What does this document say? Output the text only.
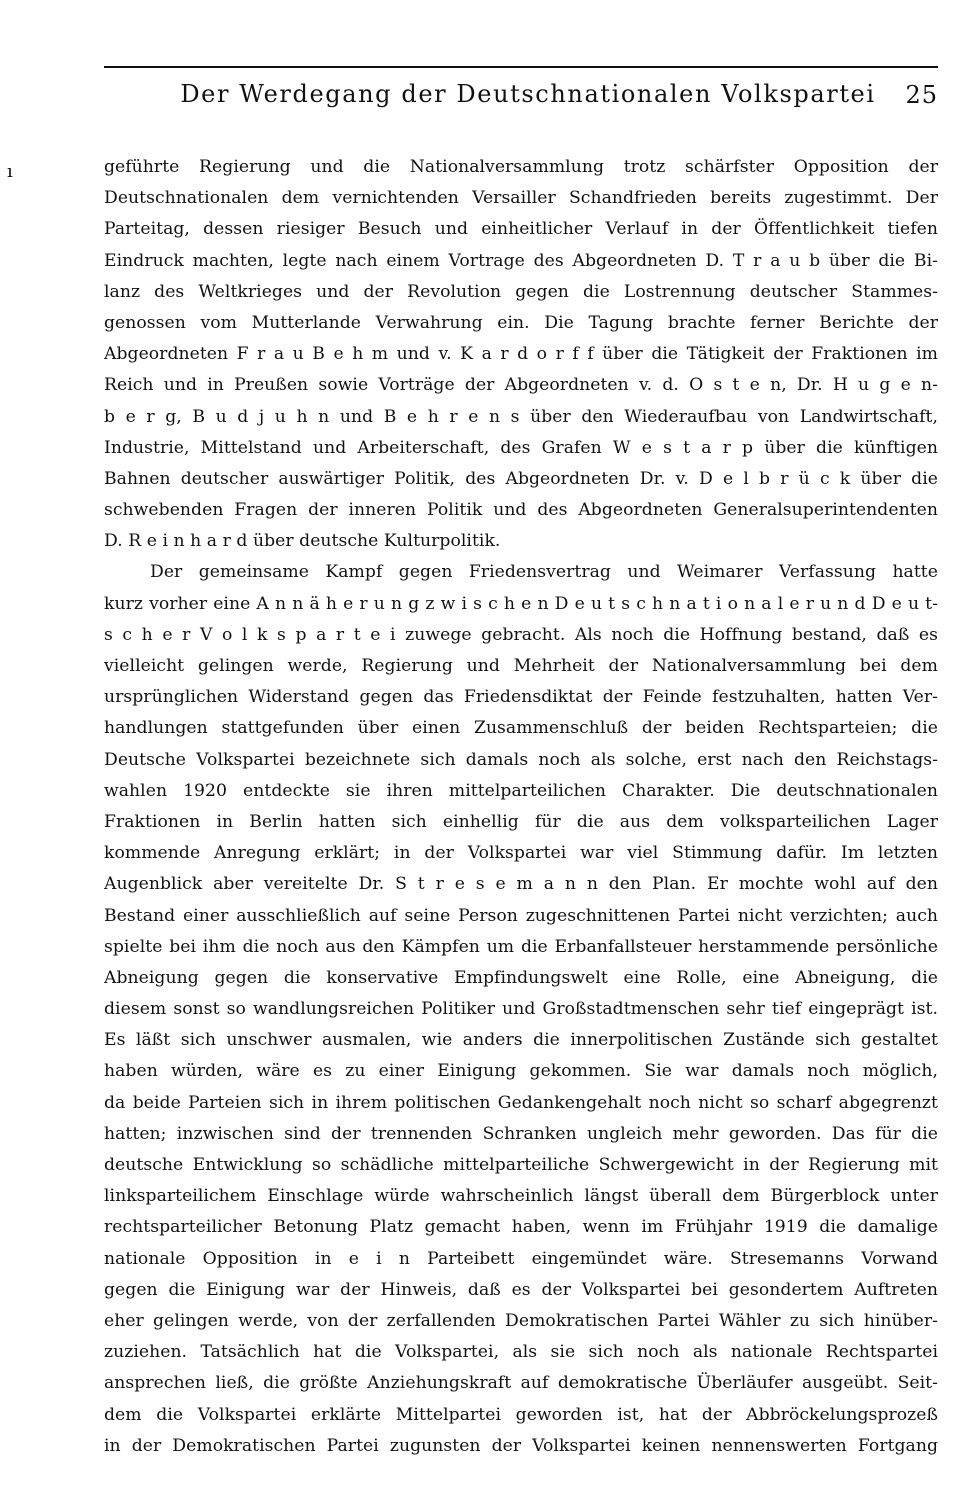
Der Werdegang der Deutschnationalen Volkspartei	25
ı	geführte Regierung und die Nationalversammlung trotz schärfster Opposition der
Deutschnationalen dem vernichtenden Versailler Schandfrieden bereits zugestimmt. Der
Parteitag, dessen riesiger Besuch und einheitlicher Verlauf in der Öffentlichkeit tiefen
Eindruck machten, legte nach einem Vortrage des Abgeordneten D. T r a u b über die Bi-
lanz des Weltkrieges und der Revolution gegen die Lostrennung deutscher Stammes-
genossen vom Mutterlande Verwahrung ein. Die Tagung brachte ferner Berichte der
Abgeordneten F r a u B e h m und v. K a r d o r f f über die Tätigkeit der Fraktionen im
Reich und in Preußen sowie Vorträge der Abgeordneten v. d. O s t e n, Dr. H u g e n-
b e r g, B u d j u h n und B e h r e n s über den Wiederaufbau von Landwirtschaft,
Industrie, Mittelstand und Arbeiterschaft, des Grafen W e s t a r p über die künftigen
Bahnen deutscher auswärtiger Politik, des Abgeordneten Dr. v. D e l b r ü c k über die
schwebenden Fragen der inneren Politik und des Abgeordneten Generalsuperintendenten
D. R e i n h a r d über deutsche Kulturpolitik.
Der gemeinsame Kampf gegen Friedensvertrag und Weimarer Verfassung hatte
kurz vorher eine A n n ä h e r u n g z w i s c h e n D e u t s c h n a t i o n a l e r u n d D e u t-
s c h e r V o l k s p a r t e i zuwege gebracht. Als noch die Hoffnung bestand, daß es
vielleicht gelingen werde, Regierung und Mehrheit der Nationalversammlung bei dem
ursprünglichen Widerstand gegen das Friedensdiktat der Feinde festzuhalten, hatten Ver-
handlungen stattgefunden über einen Zusammenschluß der beiden Rechtsparteien; die
Deutsche Volkspartei bezeichnete sich damals noch als solche, erst nach den Reichstags-
wahlen 1920 entdeckte sie ihren mittelparteilichen Charakter. Die deutschnationalen
Fraktionen in Berlin hatten sich einhellig für die aus dem volksparteilichen Lager
kommende Anregung erklärt; in der Volkspartei war viel Stimmung dafür. Im letzten
Augenblick aber vereitelte Dr. S t r e s e m a n n den Plan. Er mochte wohl auf den
Bestand einer ausschließlich auf seine Person zugeschnittenen Partei nicht verzichten; auch
spielte bei ihm die noch aus den Kämpfen um die Erbanfallsteuer herstammende persönliche
Abneigung gegen die konservative Empfindungswelt eine Rolle, eine Abneigung, die
diesem sonst so wandlungsreichen Politiker und Großstadtmenschen sehr tief eingeprägt ist.
Es läßt sich unschwer ausmalen, wie anders die innerpolitischen Zustände sich gestaltet
haben würden, wäre es zu einer Einigung gekommen. Sie war damals noch möglich,
da beide Parteien sich in ihrem politischen Gedankengehalt noch nicht so scharf abgegrenzt
hatten; inzwischen sind der trennenden Schranken ungleich mehr geworden. Das für die
deutsche Entwicklung so schädliche mittelparteiliche Schwergewicht in der Regierung mit
linksparteilichem Einschlage würde wahrscheinlich längst überall dem Bürgerblock unter
rechtsparteilicher Betonung Platz gemacht haben, wenn im Frühjahr 1919 die damalige
nationale Opposition in e i n Parteibett eingemündet wäre. Stresemanns Vorwand
gegen die Einigung war der Hinweis, daß es der Volkspartei bei gesondertem Auftreten
eher gelingen werde, von der zerfallenden Demokratischen Partei Wähler zu sich hinüber-
zuziehen. Tatsächlich hat die Volkspartei, als sie sich noch als nationale Rechtspartei
ansprechen ließ, die größte Anziehungskraft auf demokratische Überläufer ausgeübt. Seit-
dem die Volkspartei erklärte Mittelpartei geworden ist, hat der Abbröckelungsprozeß
in der Demokratischen Partei zugunsten der Volkspartei keinen nennenswerten Fortgang
